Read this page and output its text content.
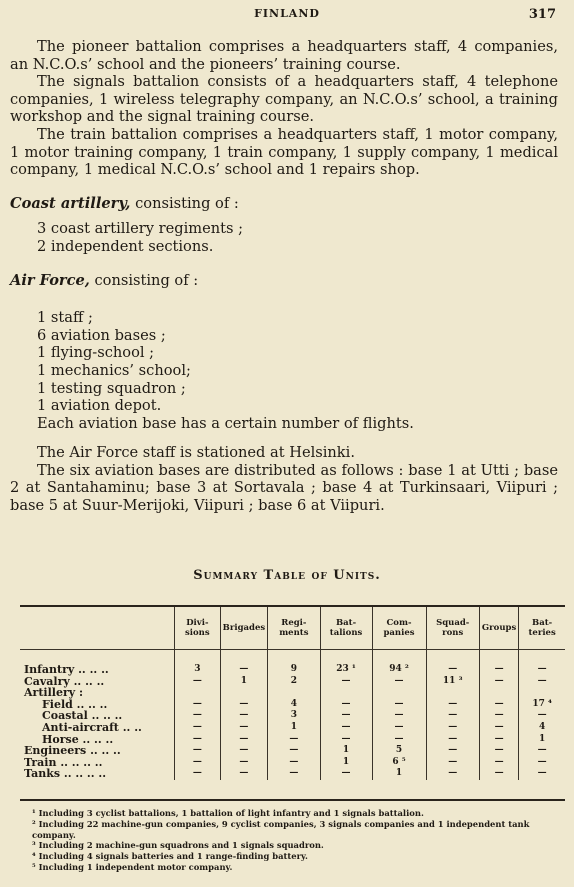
FINLAND	317

The pioneer battalion comprises a headquarters staff, 4 companies, an N.C.O.s’ school and the pioneers’ training course.

The signals battalion consists of a headquarters staff, 4 telephone companies, 1 wireless telegraphy company, an N.C.O.s’ school, a training workshop and the signal training course.

The train battalion comprises a headquarters staff, 1 motor company, 1 motor training company, 1 train company, 1 supply company, 1 medical company, 1 medical N.C.O.s’ school and 1 repairs shop.

Coast artillery, consisting of :
3 coast artillery regiments ;
2 independent sections.
Air Force, consisting of :
1 staff ;
6 aviation bases ;
1 flying-school ;
1 mechanics’ school;
1 testing squadron ;
1 aviation depot.

Each aviation base has a certain number of flights.

The Air Force staff is stationed at Helsinki.

The six aviation bases are distributed as follows : base 1 at Utti ; base 2 at Santahaminu; base 3 at Sortavala ; base 4 at Turkinsaari, Viipuri ; base 5 at Suur-Merijoki, Viipuri ; base 6 at Viipuri.

Summary Table of Units.
	Divi-sions	Brigades	Regi-ments	Bat-talions	Com-panies	Squad-rons	Groups	Bat-teries
Infantry .. .. ..	3	—	9	23 ¹	94 ²	—	—	—
Cavalry .. .. ..	—	1	2	—	—	11 ³	—	—
Artillery :								
Field .. .. ..	—	—	4	—	—	—	—	17 ⁴
Coastal .. .. ..	—	—	3	—	—	—	—	—
Anti-aircraft .. ..	—	—	1	—	—	—	—	4
Horse .. .. ..	—	—	—	—	—	—	—	1
Engineers .. .. ..	—	—	—	1	5	—	—	—
Train .. .. .. ..	—	—	—	1	6 ⁵	—	—	—
Tanks .. .. .. ..	—	—	—	—	1	—	—	—

¹ Including 3 cyclist battalions, 1 battalion of light infantry and 1 signals battalion.

² Including 22 machine-gun companies, 9 cyclist companies, 3 signals companies and 1 independent tank company.

³ Including 2 machine-gun squadrons and 1 signals squadron.

⁴ Including 4 signals batteries and 1 range-finding battery.

⁵ Including 1 independent motor company.
